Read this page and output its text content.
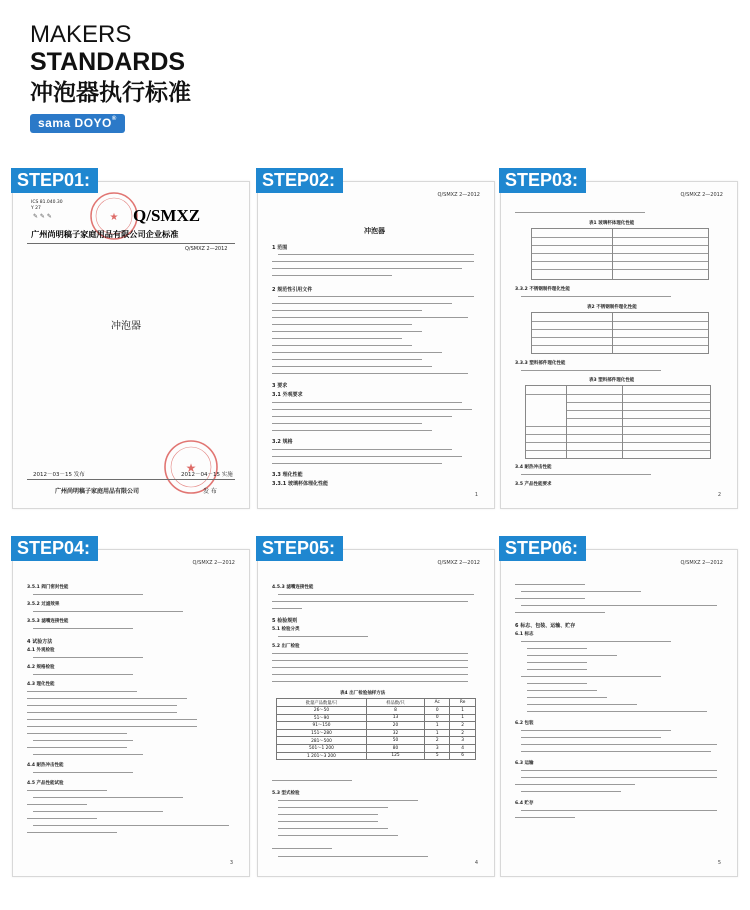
MAKERS
STANDARDS
冲泡器执行标准
sama DOYO®
STEP01:
ICS 81.040.30
Y 27
✎ ✎ ✎	★ Q/SMXZ
广州尚明稿子家庭用品有限公司企业标准
Q/SMXZ 2—2012
冲泡器
★
2012－03－15 发布	2012－04－15 实施
广州尚明稿子家庭用品有限公司	发 布
STEP02:
Q/SMXZ 2—2012
冲泡器
1 范围
2 规范性引用文件
3 要求
3.1 外观要求
3.2 规格
3.3 理化性能
3.3.1 玻璃杯体理化性能
1
STEP03:
Q/SMXZ 2—2012
表1 玻璃杯体理化性能
3.3.2 不锈钢制件理化性能
表2 不锈钢制件理化性能
3.3.3 塑料部件理化性能
表3 塑料部件理化性能
3.4 耐热冲击性能
3.5 产品性能要求
2
STEP04:
Q/SMXZ 2—2012
3.5.1 阀门密封性能
3.5.2 过滤效果
3.5.3 滤嘴连接性能
4 试验方法
4.1 外观检验
4.2 规格检验
4.3 理化性能
4.4 耐热冲击性能
4.5 产品性能试验
3
STEP05:
Q/SMXZ 2—2012
4.5.3 滤嘴连接性能
5 检验规则
5.1 检验分类
5.2 出厂检验
表4 出厂检验抽样方法
批量产品数量/只	样品数/只	Ac	Re
26～50	8	0	1
51～90	13	0	1
91～150	20	1	2
151～280	32	1	2
281～500	50	2	3
501～1 200	80	3	4
1 201～3 200	125	5	6
5.3 型式检验
4
STEP06:
Q/SMXZ 2—2012
6 标志、包装、运输、贮存
6.1 标志
6.2 包装
6.3 运输
6.4 贮存
5
